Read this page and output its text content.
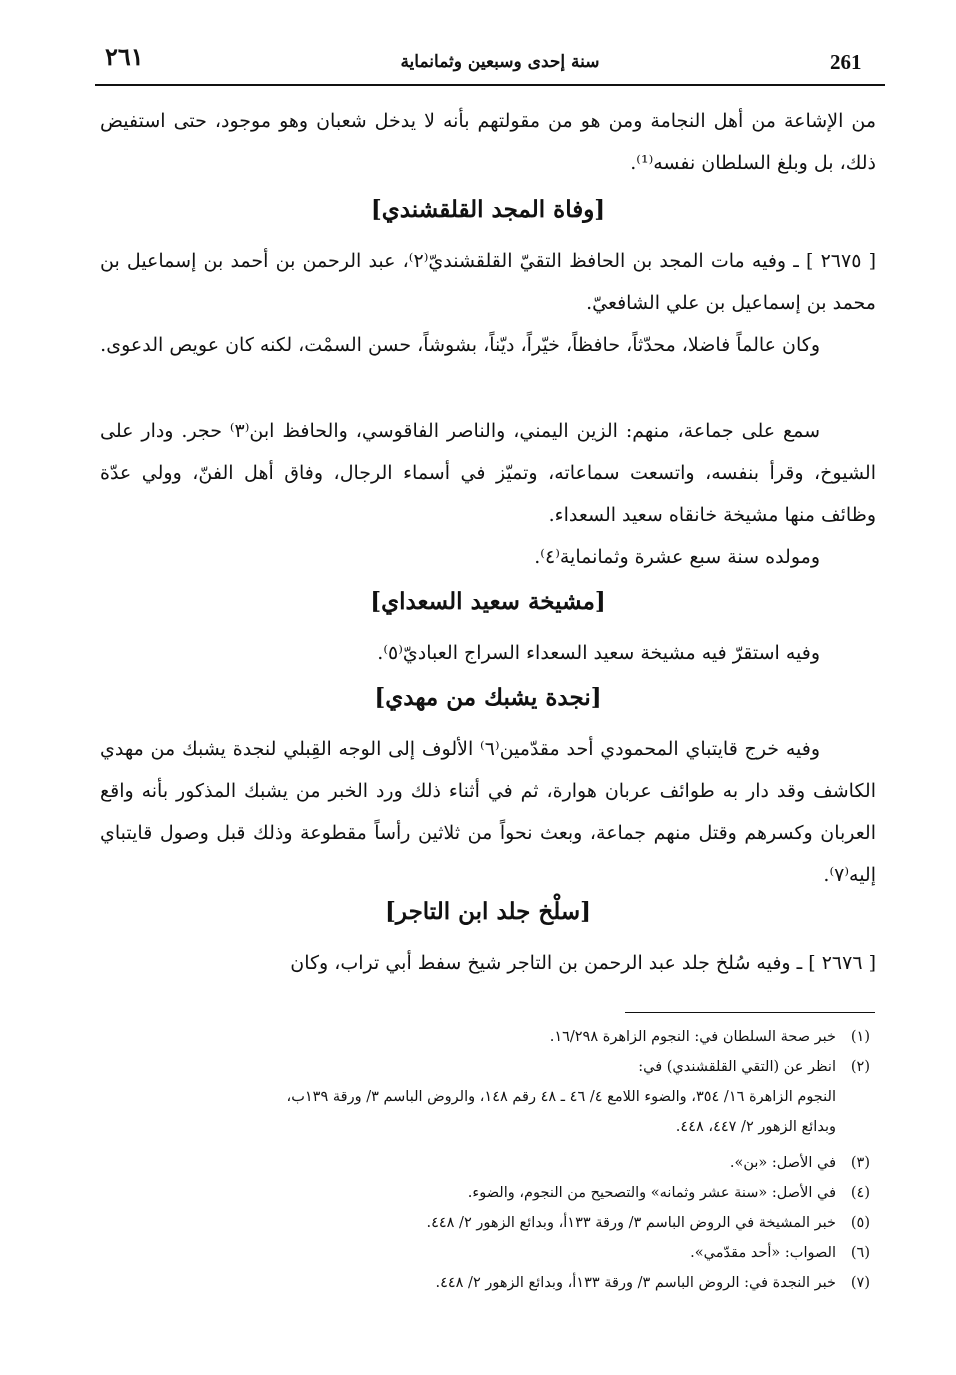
٢٦١	سنة إحدى وسبعين وثمانماية	261
من الإشاعة من أهل النجامة ومن هو من مقولتهم بأنه لا يدخل شعبان وهو موجود، حتى استفيض ذلك، بل وبلغ السلطان نفسه⁽¹⁾.
[وفاة المجد القلقشندي]
[ ٢٦٧٥ ] ـ وفيه مات المجد بن الحافظ التقيّ القلقشنديّ⁽٢⁾، عبد الرحمن بن أحمد بن إسماعيل بن محمد بن إسماعيل بن علي الشافعيّ.
وكان عالماً فاضلا، محدّثاً، حافظاً، خيّراً، ديّناً، بشوشاً، حسن السمْت، لكنه كان عويص الدعوى.
سمع على جماعة، منهم: الزين اليمني، والناصر الفاقوسي، والحافظ ابن⁽٣⁾ حجر. ودار على الشيوخ، وقرأ بنفسه، واتسعت سماعاته، وتميّز في أسماء الرجال، وفاق أهل الفنّ، وولي عدّة وظائف منها مشيخة خانقاه سعيد السعداء.
ومولده سنة سبع عشرة وثمانماية⁽٤⁾.
[مشيخة سعيد السعداي]
وفيه استقرّ فيه مشيخة سعيد السعداء السراج العباديّ⁽٥⁾.
[نجدة يشبك من مهدي]
وفيه خرج قايتباي المحمودي أحد مقدّمين⁽٦⁾ الألوف إلى الوجه القِبلي لنجدة يشبك من مهدي الكاشف وقد دار به طوائف عربان هوارة، ثم في أثناء ذلك ورد الخبر من يشبك المذكور بأنه واقع العربان وكسرهم وقتل منهم جماعة، وبعث نحواً من ثلاثين رأساً مقطوعة وذلك قبل وصول قايتباي إليه⁽٧⁾.
[سلْخ جلد ابن التاجر]
[ ٢٦٧٦ ] ـ وفيه سُلخ جلد عبد الرحمن بن التاجر شيخ سفط أبي تراب، وكان
(١)خبر صحة السلطان في: النجوم الزاهرة ١٦/٢٩٨.
(٢)انظر عن (التقي القلقشندي) في:
النجوم الزاهرة ١٦/ ٣٥٤، والضوء اللامع ٤/ ٤٦ ـ ٤٨ رقم ١٤٨، والروض الباسم ٣/ ورقة ١٣٩ب،
وبدائع الزهور ٢/ ٤٤٧، ٤٤٨.
(٣)في الأصل: «بن».
(٤)في الأصل: «سنة عشر وثمانه» والتصحيح من النجوم، والضوء.
(٥)خبر المشيخة في الروض الباسم ٣/ ورقة ١٣٣أ، وبدائع الزهور ٢/ ٤٤٨.
(٦)الصواب: «أحد مقدّمي».
(٧)خبر النجدة في: الروض الباسم ٣/ ورقة ١٣٣أ، وبدائع الزهور ٢/ ٤٤٨.
